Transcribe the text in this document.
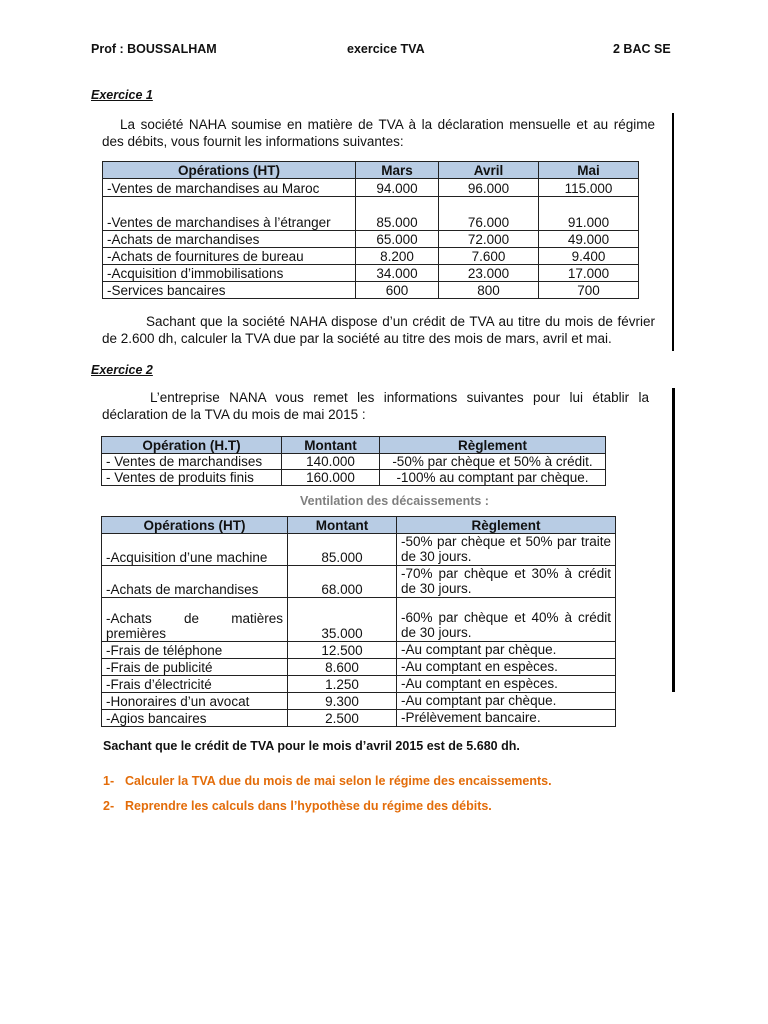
Prof : BOUSSALHAM	exercice TVA	2 BAC SE
Exercice 1
La société NAHA soumise en matière de TVA à la déclaration mensuelle et au régime des débits, vous fournit les informations suivantes:
Opérations (HT)	Mars	Avril	Mai
-Ventes de marchandises au Maroc	94.000	96.000	115.000
-Ventes de marchandises à l’étranger	85.000	76.000	91.000
-Achats de marchandises	65.000	72.000	49.000
-Achats de fournitures de bureau	8.200	7.600	9.400
-Acquisition d’immobilisations	34.000	23.000	17.000
-Services bancaires	600	800	700
Sachant que la société NAHA dispose d’un crédit de TVA au titre du mois de février de 2.600 dh, calculer la TVA due par la société au titre des mois de mars, avril et mai.
Exercice 2
L’entreprise NANA vous remet les informations suivantes pour lui établir la déclaration de la TVA du mois de mai 2015 :
Opération (H.T)	Montant	Règlement
- Ventes de marchandises	140.000	-50% par chèque et 50% à crédit.
- Ventes de produits finis	160.000	-100% au comptant par chèque.
Ventilation des décaissements :
Opérations (HT)	Montant	Règlement
-Acquisition d’une machine	85.000	-50% par chèque et 50% par traite de 30 jours.
-Achats de marchandises	68.000	-70% par chèque et 30% à crédit de 30 jours.
-Achats de matières premières	35.000	-60% par chèque et 40% à crédit de 30 jours.
-Frais de téléphone	12.500	-Au comptant par chèque.
-Frais de publicité	8.600	-Au comptant en espèces.
-Frais d’électricité	1.250	-Au comptant en espèces.
-Honoraires d’un avocat	9.300	-Au comptant par chèque.
-Agios bancaires	2.500	-Prélèvement bancaire.
Sachant que le crédit de TVA pour le mois d’avril 2015 est de 5.680 dh.
1- Calculer la TVA due du mois de mai selon le régime des encaissements.
2- Reprendre les calculs dans l’hypothèse du régime des débits.
